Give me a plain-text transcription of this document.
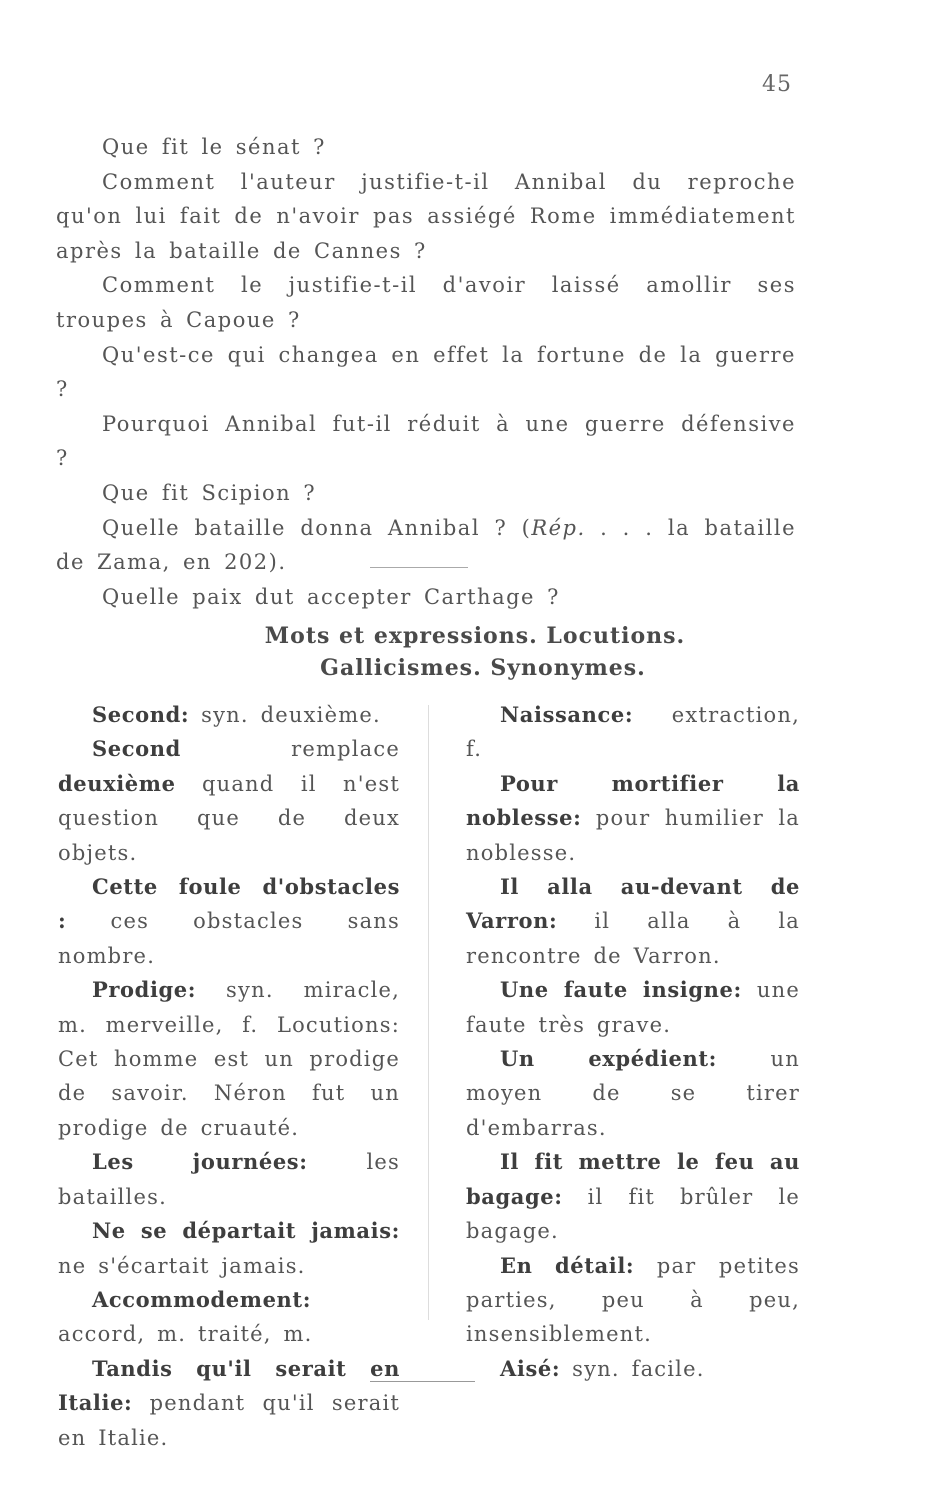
45

Que fit le sénat ?

Comment l'auteur justifie-t-il Annibal du reproche qu'on lui fait de n'avoir pas assiégé Rome immédiatement après la bataille de Cannes ?

Comment le justifie-t-il d'avoir laissé amollir ses troupes à Capoue ?

Qu'est-ce qui changea en effet la fortune de la guerre ?

Pourquoi Annibal fut-il réduit à une guerre défensive ?

Que fit Scipion ?

Quelle bataille donna Annibal ? (Rép. . . . la bataille de Zama, en 202).

Quelle paix dut accepter Carthage ?

Mots et expressions. Locutions.
Gallicismes. Synonymes.

Second: syn. deuxième.

Second remplace deuxième quand il n'est question que de deux objets.

Cette foule d'obstacles : ces obstacles sans nombre.

Prodige: syn. miracle, m. merveille, f. Locutions: Cet homme est un prodige de savoir. Néron fut un prodige de cruauté.

Les journées: les batailles.

Ne se départait jamais: ne s'écartait jamais.

Accommodement: accord, m. traité, m.

Tandis qu'il serait en Italie: pendant qu'il serait en Italie.

Naissance: extraction, f.

Pour mortifier la noblesse: pour humilier la noblesse.

Il alla au-devant de Varron: il alla à la rencontre de Varron.

Une faute insigne: une faute très grave.

Un expédient: un moyen de se tirer d'embarras.

Il fit mettre le feu au bagage: il fit brûler le bagage.

En détail: par petites parties, peu à peu, insensiblement.

Aisé: syn. facile.
